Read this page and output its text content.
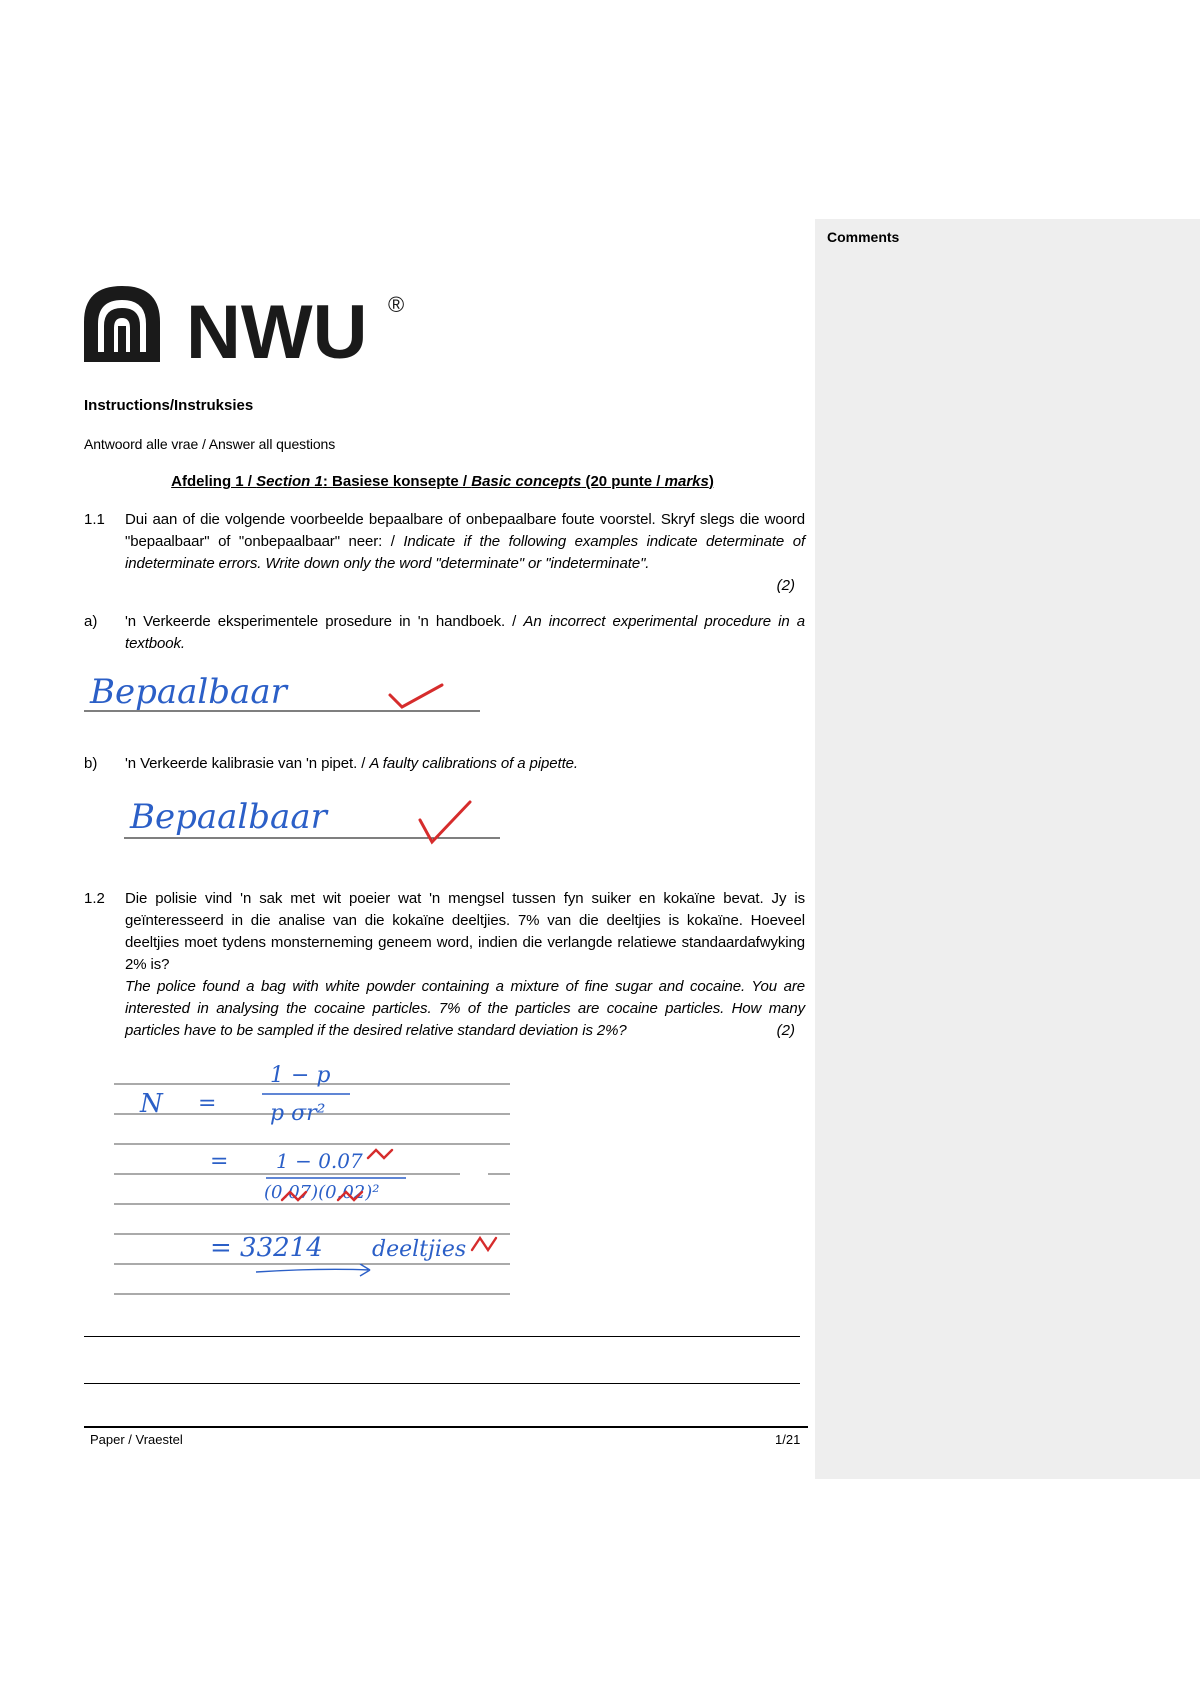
Comments
NWU ®
Instructions/Instruksies
Antwoord alle vrae / Answer all questions
Afdeling 1 / Section 1: Basiese konsepte / Basic concepts (20 punte / marks)
1.1 Dui aan of die volgende voorbeelde bepaalbare of onbepaalbare foute voorstel. Skryf slegs die woord "bepaalbaar" of "onbepaalbaar" neer: / Indicate if the following examples indicate determinate of indeterminate errors. Write down only the word "determinate" or "indeterminate".
(2)
a) 'n Verkeerde eksperimentele prosedure in 'n handboek. / An incorrect experimental procedure in a textbook.
Bepaalbaar
b) 'n Verkeerde kalibrasie van 'n pipet. / A faulty calibrations of a pipette.
Bepaalbaar
1.2 Die polisie vind 'n sak met wit poeier wat 'n mengsel tussen fyn suiker en kokaïne bevat. Jy is geïnteresseerd in die analise van die kokaïne deeltjies. 7% van die deeltjies is kokaïne. Hoeveel deeltjies moet tydens monsterneming geneem word, indien die verlangde relatiewe standaardafwyking 2% is?
The police found a bag with white powder containing a mixture of fine sugar and cocaine. You are interested in analysing the cocaine particles. 7% of the particles are cocaine particles. How many particles have to be sampled if the desired relative standard deviation is 2%?	(2)
N =
1 − p
p σr²
= 1 − 0.07
(0.07)(0.02)²
= 33214 deeltjies
Paper / Vraestel	1/21
